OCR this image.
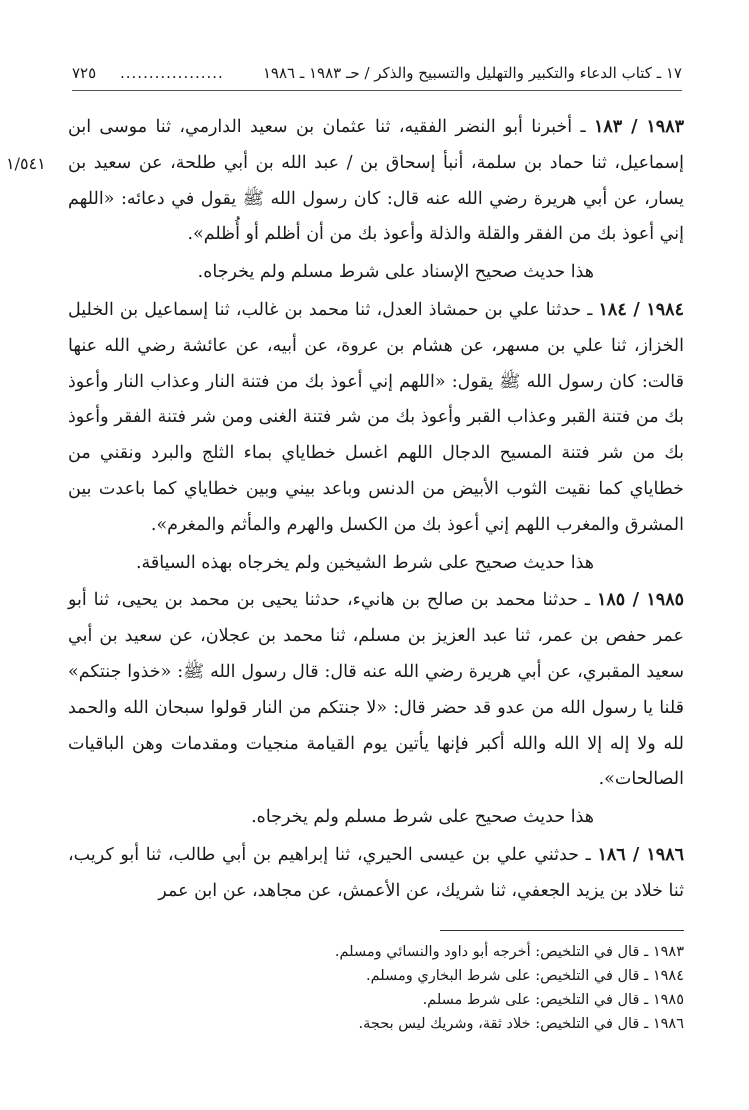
١٧ ـ كتاب الدعاء والتكبير والتهليل والتسبيح والذكر / حـ ١٩٨٣ ـ ١٩٨٦
..................
٧٢٥
١/٥٤١

١٩٨٣ / ١٨٣ ـ أخبرنا أبو النضر الفقيه، ثنا عثمان بن سعيد الدارمي، ثنا موسى ابن إسماعيل، ثنا حماد بن سلمة، أنبأ إسحاق بن / عبد الله بن أبي طلحة، عن سعيد بن يسار، عن أبي هريرة رضي الله عنه قال: كان رسول الله ﷺ يقول في دعائه: «اللهم إني أعوذ بك من الفقر والقلة والذلة وأعوذ بك من أن أظلم أو أُظلم».

هذا حديث صحيح الإسناد على شرط مسلم ولم يخرجاه.

١٩٨٤ / ١٨٤ ـ حدثنا علي بن حمشاذ العدل، ثنا محمد بن غالب، ثنا إسماعيل بن الخليل الخزاز، ثنا علي بن مسهر، عن هشام بن عروة، عن أبيه، عن عائشة رضي الله عنها قالت: كان رسول الله ﷺ يقول: «اللهم إني أعوذ بك من فتنة النار وعذاب النار وأعوذ بك من فتنة القبر وعذاب القبر وأعوذ بك من شر فتنة الغنى ومن شر فتنة الفقر وأعوذ بك من شر فتنة المسيح الدجال اللهم اغسل خطاياي بماء الثلج والبرد ونقني من خطاياي كما نقيت الثوب الأبيض من الدنس وباعد بيني وبين خطاياي كما باعدت بين المشرق والمغرب اللهم إني أعوذ بك من الكسل والهرم والمأثم والمغرم».

هذا حديث صحيح على شرط الشيخين ولم يخرجاه بهذه السياقة.

١٩٨٥ / ١٨٥ ـ حدثنا محمد بن صالح بن هانيء، حدثنا يحيى بن محمد بن يحيى، ثنا أبو عمر حفص بن عمر، ثنا عبد العزيز بن مسلم، ثنا محمد بن عجلان، عن سعيد بن أبي سعيد المقبري، عن أبي هريرة رضي الله عنه قال: قال رسول الله ﷺ: «خذوا جنتكم» قلنا يا رسول الله من عدو قد حضر قال: «لا جنتكم من النار قولوا سبحان الله والحمد لله ولا إله إلا الله والله أكبر فإنها يأتين يوم القيامة منجيات ومقدمات وهن الباقيات الصالحات».

هذا حديث صحيح على شرط مسلم ولم يخرجاه.

١٩٨٦ / ١٨٦ ـ حدثني علي بن عيسى الحيري، ثنا إبراهيم بن أبي طالب، ثنا أبو كريب، ثنا خلاد بن يزيد الجعفي، ثنا شريك، عن الأعمش، عن مجاهد، عن ابن عمر

١٩٨٣ ـ قال في التلخيص: أخرجه أبو داود والنسائي ومسلم.
١٩٨٤ ـ قال في التلخيص: على شرط البخاري ومسلم.
١٩٨٥ ـ قال في التلخيص: على شرط مسلم.
١٩٨٦ ـ قال في التلخيص: خلاد ثقة، وشريك ليس بحجة.
